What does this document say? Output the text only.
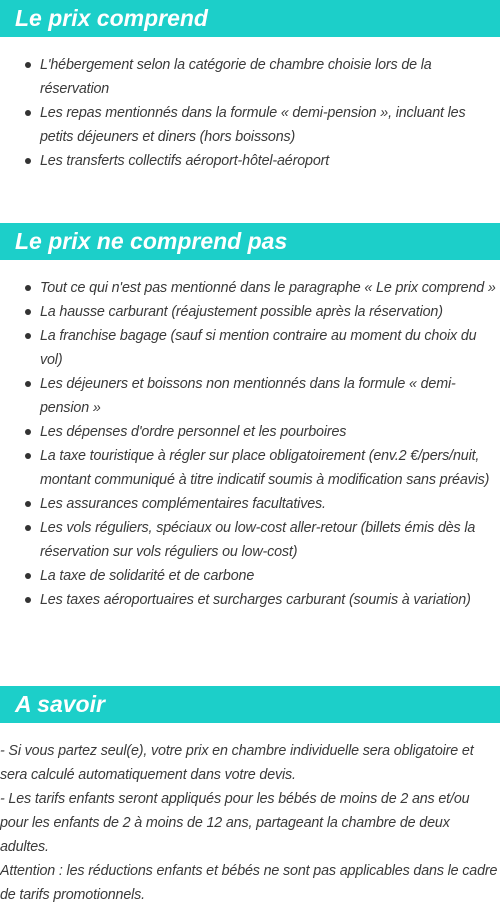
Le prix comprend
L'hébergement selon la catégorie de chambre choisie lors de la réservation
Les repas mentionnés dans la formule « demi-pension », incluant les petits déjeuners et diners (hors boissons)
Les transferts collectifs aéroport-hôtel-aéroport
Le prix ne comprend pas
Tout ce qui n'est pas mentionné dans le paragraphe « Le prix comprend »
La hausse carburant (réajustement possible après la réservation)
La franchise bagage (sauf si mention contraire au moment du choix du vol)
Les déjeuners et boissons non mentionnés dans la formule « demi-pension »
Les dépenses d'ordre personnel et les pourboires
La taxe touristique à régler sur place obligatoirement (env.2 €/pers/nuit, montant communiqué à titre indicatif soumis à modification sans préavis)
Les assurances complémentaires facultatives.
Les vols réguliers, spéciaux ou low-cost aller-retour (billets émis dès la réservation sur vols réguliers ou low-cost)
La taxe de solidarité et de carbone
Les taxes aéroportuaires et surcharges carburant (soumis à variation)
A savoir
- Si vous partez seul(e), votre prix en chambre individuelle sera obligatoire et sera calculé automatiquement dans votre devis.
- Les tarifs enfants seront appliqués pour les bébés de moins de 2 ans et/ou pour les enfants de 2 à moins de 12 ans, partageant la chambre de deux adultes.
Attention : les réductions enfants et bébés ne sont pas applicables dans le cadre de tarifs promotionnels.
